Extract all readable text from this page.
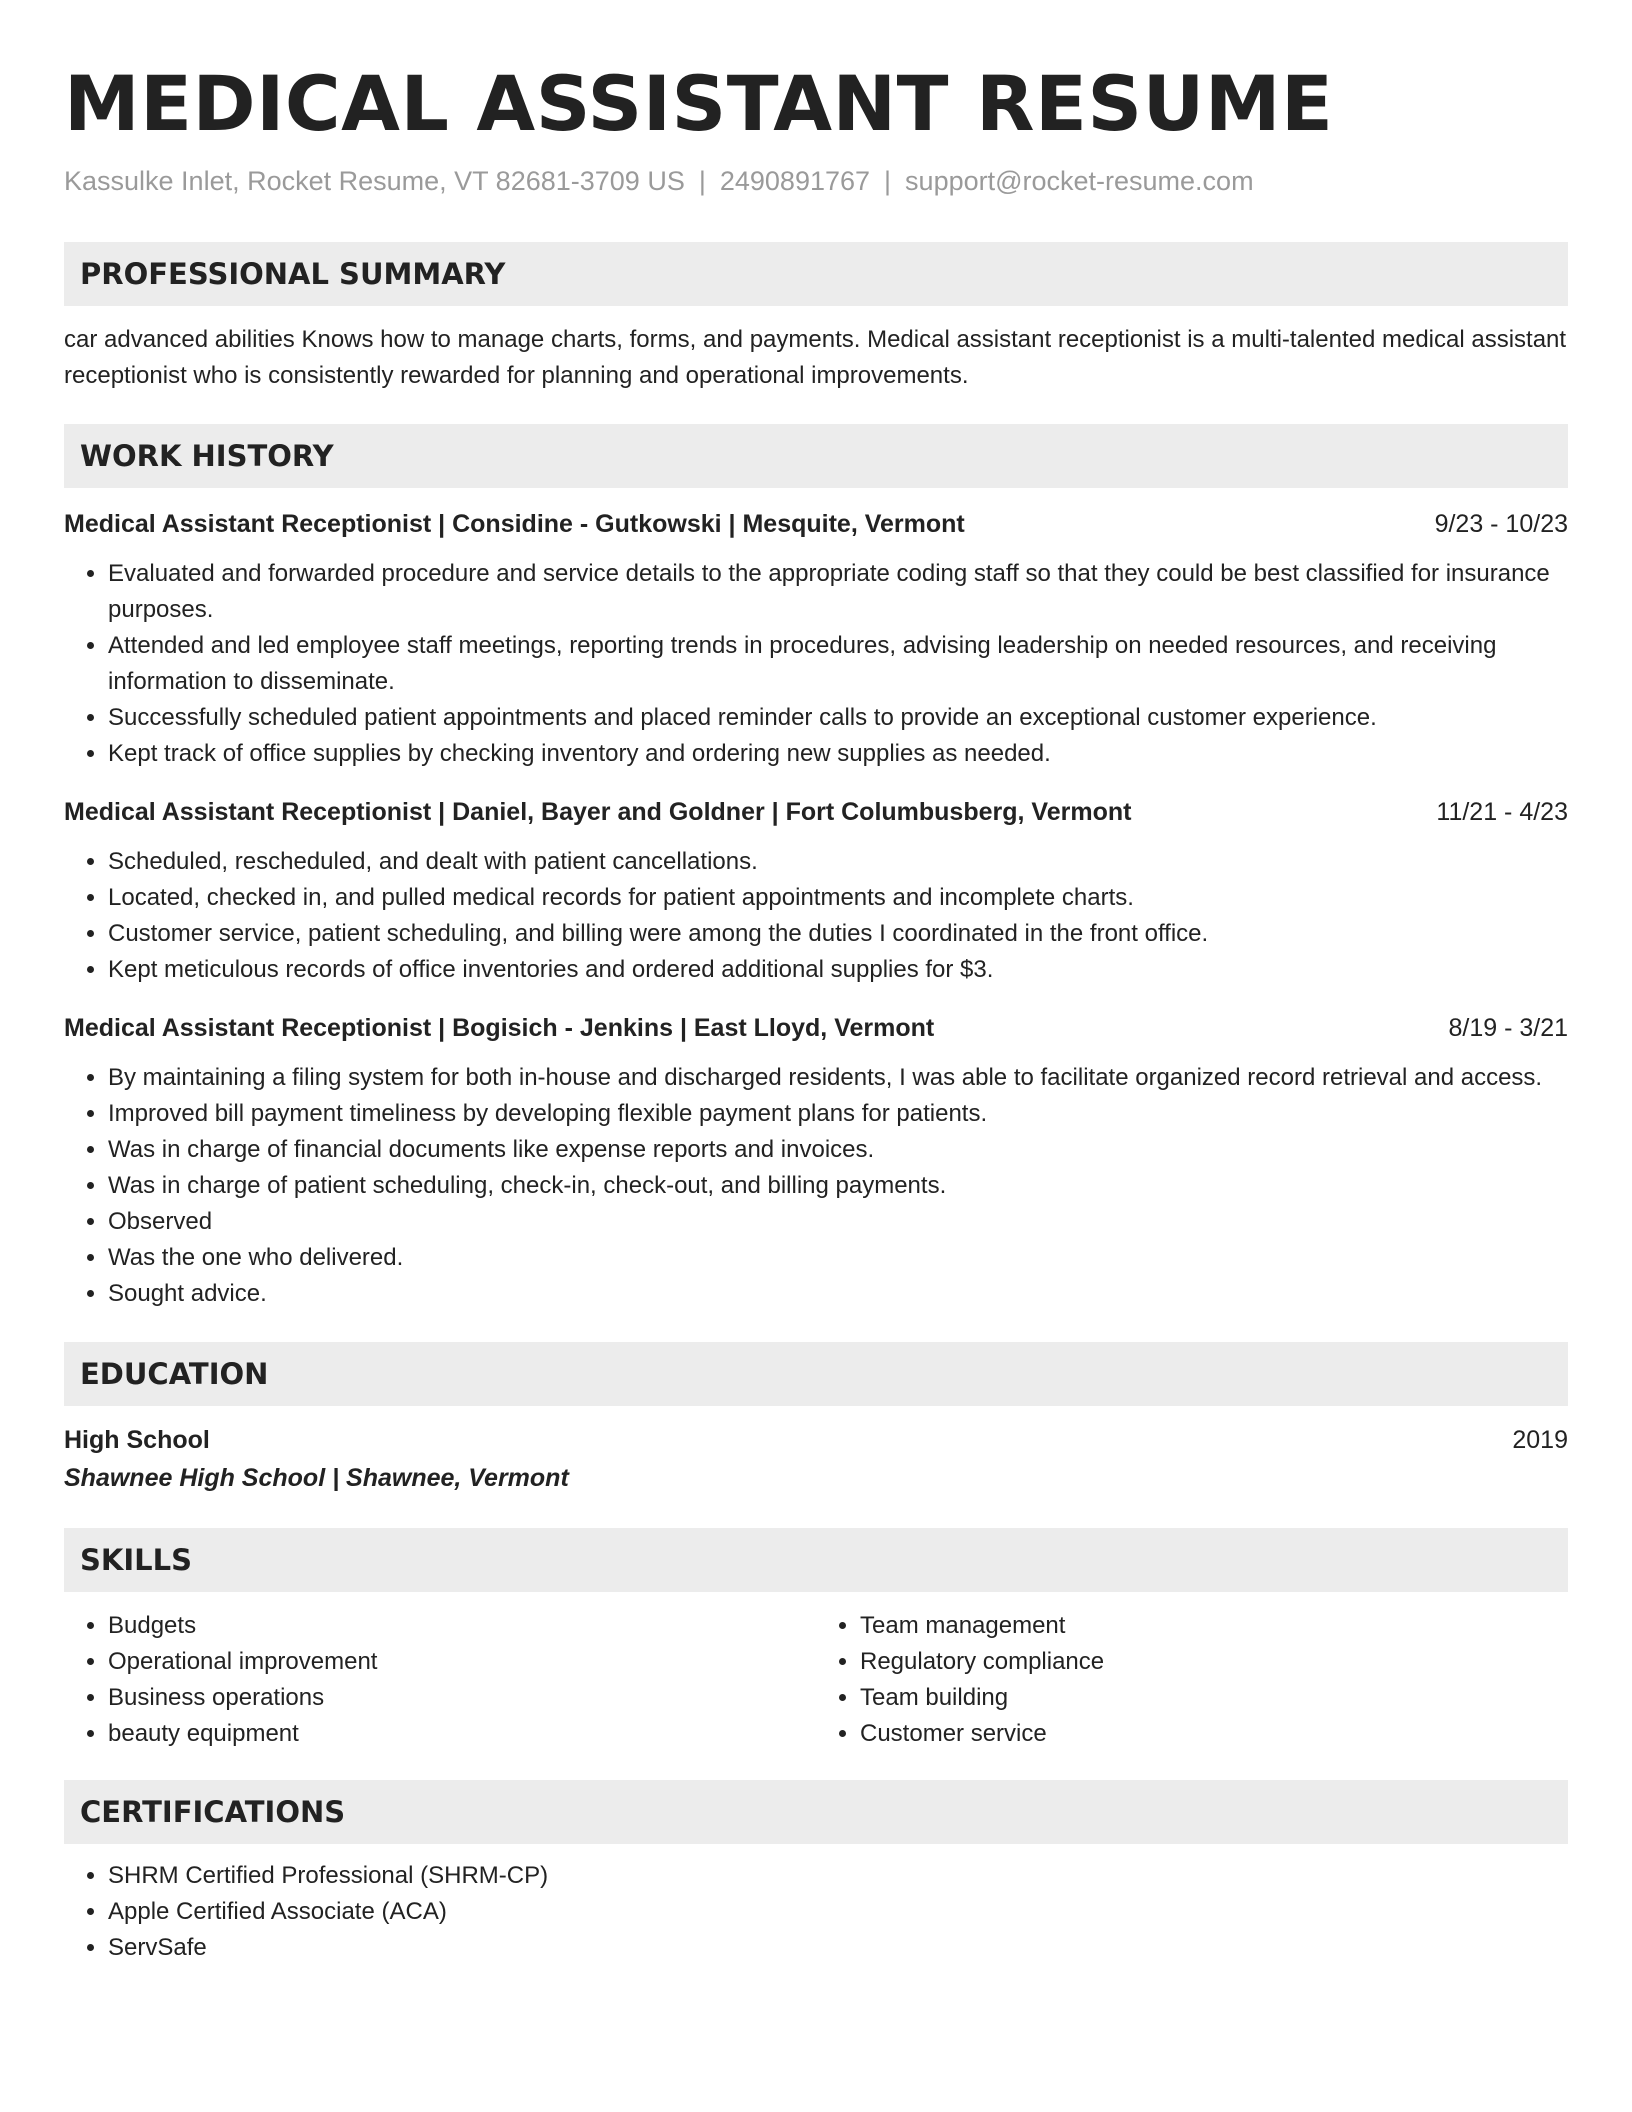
MEDICAL ASSISTANT RESUME
Kassulke Inlet, Rocket Resume, VT 82681-3709 US | 2490891767 | support@rocket-resume.com
PROFESSIONAL SUMMARY
car advanced abilities Knows how to manage charts, forms, and payments. Medical assistant receptionist is a multi-talented medical assistant receptionist who is consistently rewarded for planning and operational improvements.
WORK HISTORY
Medical Assistant Receptionist | Considine - Gutkowski | Mesquite, Vermont	9/23 - 10/23
• Evaluated and forwarded procedure and service details to the appropriate coding staff so that they could be best classified for insurance purposes.
• Attended and led employee staff meetings, reporting trends in procedures, advising leadership on needed resources, and receiving information to disseminate.
• Successfully scheduled patient appointments and placed reminder calls to provide an exceptional customer experience.
• Kept track of office supplies by checking inventory and ordering new supplies as needed.
Medical Assistant Receptionist | Daniel, Bayer and Goldner | Fort Columbusberg, Vermont	11/21 - 4/23
• Scheduled, rescheduled, and dealt with patient cancellations.
• Located, checked in, and pulled medical records for patient appointments and incomplete charts.
• Customer service, patient scheduling, and billing were among the duties I coordinated in the front office.
• Kept meticulous records of office inventories and ordered additional supplies for $3.
Medical Assistant Receptionist | Bogisich - Jenkins | East Lloyd, Vermont	8/19 - 3/21
• By maintaining a filing system for both in-house and discharged residents, I was able to facilitate organized record retrieval and access.
• Improved bill payment timeliness by developing flexible payment plans for patients.
• Was in charge of financial documents like expense reports and invoices.
• Was in charge of patient scheduling, check-in, check-out, and billing payments.
• Observed
• Was the one who delivered.
• Sought advice.
EDUCATION
High School	2019
Shawnee High School | Shawnee, Vermont
SKILLS
• Budgets
• Operational improvement
• Business operations
• beauty equipment
• Team management
• Regulatory compliance
• Team building
• Customer service
CERTIFICATIONS
• SHRM Certified Professional (SHRM-CP)
• Apple Certified Associate (ACA)
• ServSafe
